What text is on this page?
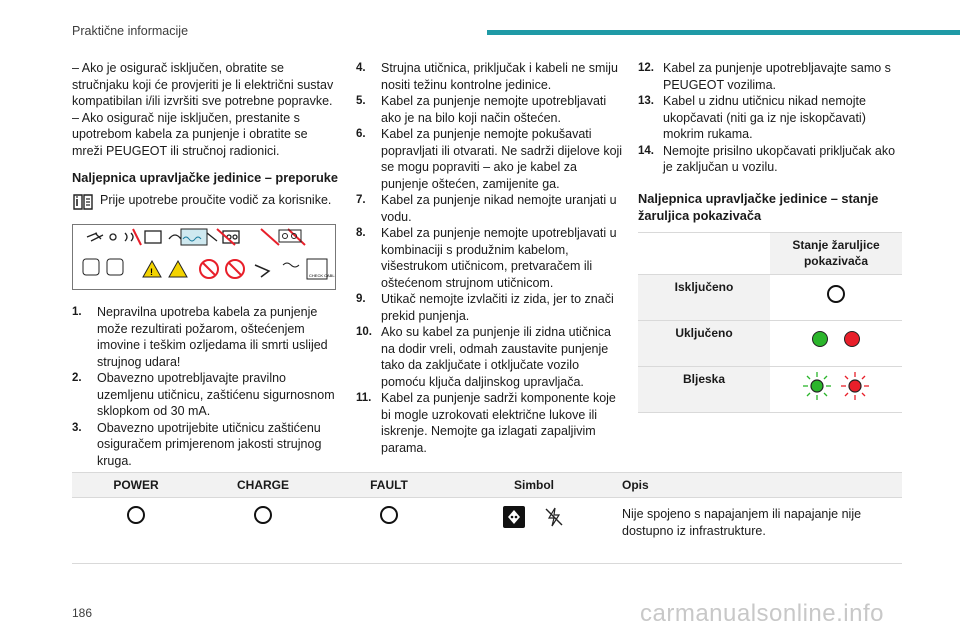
Praktične informacije

– Ako je osigurač isključen, obratite se stručnjaku koji će provjeriti je li električni sustav kompatibilan i/ili izvršiti sve potrebne popravke.

– Ako osigurač nije isključen, prestanite s upotrebom kabela za punjenje i obratite se mreži PEUGEOT ili stručnoj radionici.

Naljepnica upravljačke jedinice – preporuke
Prije upotrebe proučite vodič za korisnike.
!	CHECK CABLE
1.	Nepravilna upotreba kabela za punjenje može rezultirati požarom, oštećenjem imovine i teškim ozljedama ili smrti uslijed strujnog udara!
2.	Obavezno upotrebljavajte pravilno uzemljenu utičnicu, zaštićenu sigurnosnom sklopkom od 30 mA.
3.	Obavezno upotrijebite utičnicu zaštićenu osiguračem primjerenom jakosti strujnog kruga.
4.	Strujna utičnica, priključak i kabeli ne smiju nositi težinu kontrolne jedinice.
5.	Kabel za punjenje nemojte upotrebljavati ako je na bilo koji način oštećen.
6.	Kabel za punjenje nemojte pokušavati popravljati ili otvarati. Ne sadrži dijelove koji se mogu popraviti – ako je kabel za punjenje oštećen, zamijenite ga.
7.	Kabel za punjenje nikad nemojte uranjati u vodu.
8.	Kabel za punjenje nemojte upotrebljavati u kombinaciji s produžnim kabelom, višestrukom utičnicom, pretvaračem ili oštećenom strujnom utičnicom.
9.	Utikač nemojte izvlačiti iz zida, jer to znači prekid punjenja.
10. Ako su kabel za punjenje ili zidna utičnica na dodir vreli, odmah zaustavite punjenje tako da zaključate i otključate vozilo pomoću ključa daljinskog upravljača.
11. Kabel za punjenje sadrži komponente koje bi mogle uzrokovati električne lukove ili iskrenje. Nemojte ga izlagati zapaljivim parama.
12. Kabel za punjenje upotrebljavajte samo s PEUGEOT vozilima.
13. Kabel u zidnu utičnicu nikad nemojte ukopčavati (niti ga iz nje iskopčavati) mokrim rukama.
14. Nemojte prisilno ukopčavati priključak ako je zaključan u vozilu.
Naljepnica upravljačke jedinice – stanje žaruljica pokazivača
	Stanje žaruljice pokazivača
Isključeno	
Uključeno	
Bljeska	
POWER	CHARGE	FAULT	Simbol	Opis
				Nije spojeno s napajanjem ili napajanje nije dostupno iz infrastrukture.
186	carmanualsonline.info
